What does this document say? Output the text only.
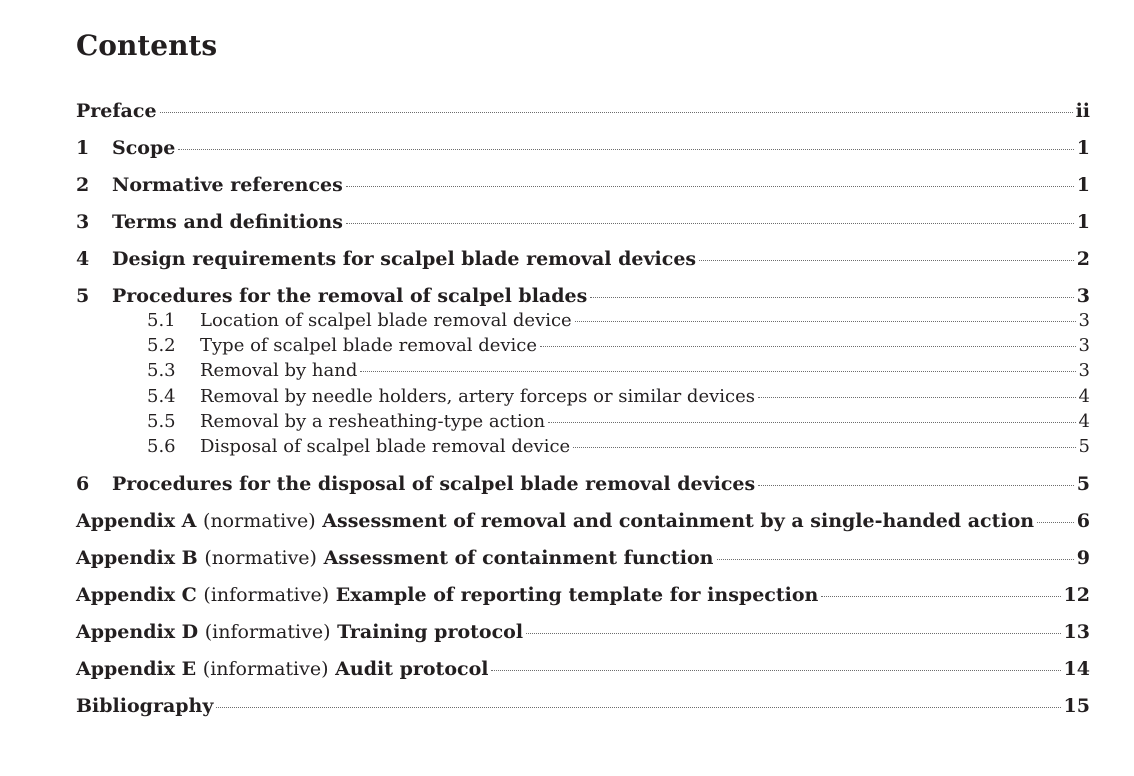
Contents
Preface	ii
1	Scope	1
2	Normative references	1
3	Terms and definitions	1
4	Design requirements for scalpel blade removal devices	2
5	Procedures for the removal of scalpel blades	3
5.1	Location of scalpel blade removal device	3
5.2	Type of scalpel blade removal device	3
5.3	Removal by hand	3
5.4	Removal by needle holders, artery forceps or similar devices	4
5.5	Removal by a resheathing-type action	4
5.6	Disposal of scalpel blade removal device	5
6	Procedures for the disposal of scalpel blade removal devices	5
Appendix A (normative) Assessment of removal and containment by a single-handed action 6
Appendix B (normative) Assessment of containment function	9
Appendix C (informative) Example of reporting template for inspection	12
Appendix D (informative) Training protocol	13
Appendix E (informative) Audit protocol	14
Bibliography	15
